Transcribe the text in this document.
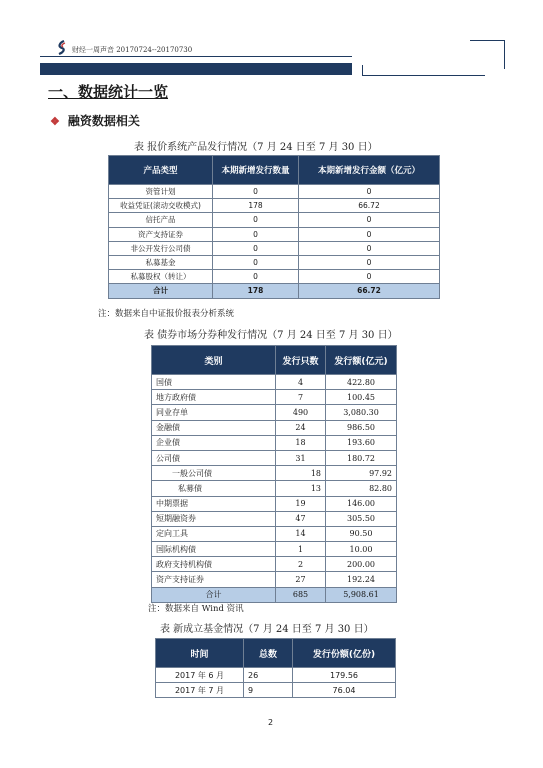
财经一周声音 20170724--20170730
一、数据统计一览
❖ 融资数据相关
表 报价系统产品发行情况（7 月 24 日至 7 月 30 日）
产品类型	本期新增发行数量	本期新增发行金额（亿元）
资管计划	0	0
收益凭证(滚动交收模式)	178	66.72
信托产品	0	0
资产支持证券	0	0
非公开发行公司债	0	0
私募基金	0	0
私募股权（转让）	0	0
合计	178	66.72
注：数据来自中证报价报表分析系统
表 债券市场分券种发行情况（7 月 24 日至 7 月 30 日）
类别	发行只数	发行额(亿元)
国债	4	422.80
地方政府债	7	100.45
同业存单	490	3,080.30
金融债	24	986.50
企业债	18	193.60
公司债	31	180.72
一般公司债	18	97.92
私募债	13	82.80
中期票据	19	146.00
短期融资券	47	305.50
定向工具	14	90.50
国际机构债	1	10.00
政府支持机构债	2	200.00
资产支持证券	27	192.24
合计	685	5,908.61
注：数据来自 Wind 资讯
表 新成立基金情况（7 月 24 日至 7 月 30 日）
时间	总数	发行份额(亿份)
2017 年 6 月	26	179.56
2017 年 7 月	9	76.04
2
